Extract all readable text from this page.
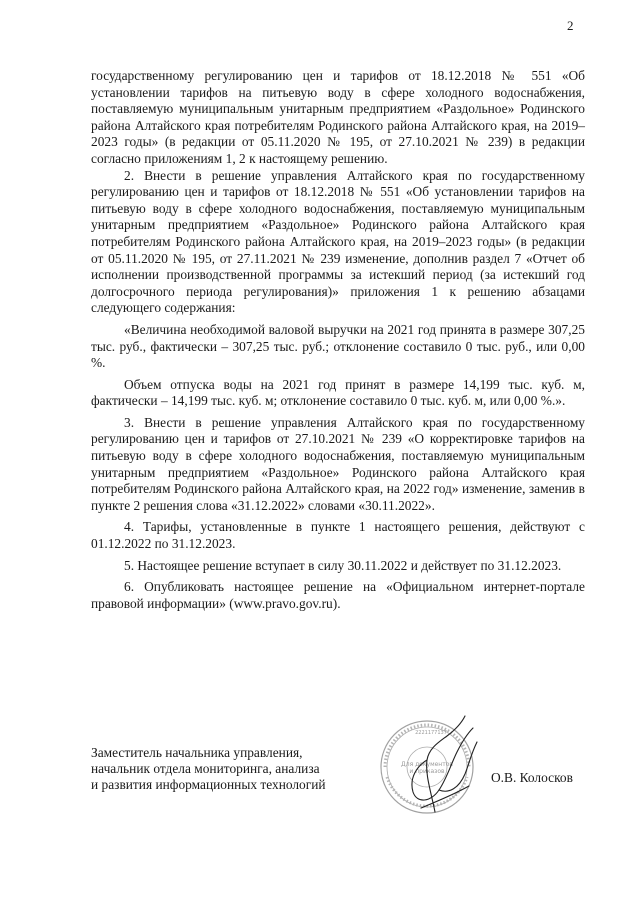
2

государственному регулированию цен и тарифов от 18.12.2018 № 551 «Об установлении тарифов на питьевую воду в сфере холодного водоснабжения, поставляемую муниципальным унитарным предприятием «Раздольное» Родинского района Алтайского края потребителям Родинского района Алтайского края, на 2019–2023 годы» (в редакции от 05.11.2020 № 195, от 27.10.2021 № 239) в редакции согласно приложениям 1, 2 к настоящему решению.

2. Внести в решение управления Алтайского края по государственному регулированию цен и тарифов от 18.12.2018 № 551 «Об установлении тарифов на питьевую воду в сфере холодного водоснабжения, поставляемую муниципальным унитарным предприятием «Раздольное» Родинского района Алтайского края потребителям Родинского района Алтайского края, на 2019–2023 годы» (в редакции от 05.11.2020 № 195, от 27.11.2021 № 239 изменение, дополнив раздел 7 «Отчет об исполнении производственной программы за истекший период (за истекший год долгосрочного периода регулирования)» приложения 1 к решению абзацами следующего содержания:

«Величина необходимой валовой выручки на 2021 год принята в размере 307,25 тыс. руб., фактически – 307,25 тыс. руб.; отклонение составило 0 тыс. руб., или 0,00 %.

Объем отпуска воды на 2021 год принят в размере 14,199 тыс. куб. м, фактически – 14,199 тыс. куб. м; отклонение составило 0 тыс. куб. м, или 0,00 %.».

3. Внести в решение управления Алтайского края по государственному регулированию цен и тарифов от 27.10.2021 № 239 «О корректировке тарифов на питьевую воду в сфере холодного водоснабжения, поставляемую муниципальным унитарным предприятием «Раздольное» Родинского района Алтайского края потребителям Родинского района Алтайского края, на 2022 год» изменение, заменив в пункте 2 решения слова «31.12.2022» словами «30.11.2022».

4. Тарифы, установленные в пункте 1 настоящего решения, действуют с 01.12.2022 по 31.12.2023.

5. Настоящее решение вступает в силу 30.11.2022 и действует по 31.12.2023.

6. Опубликовать настоящее решение на «Официальном интернет-портале правовой информации» (www.pravo.gov.ru).

Заместитель начальника управления,
начальник отдела мониторинга, анализа
и развития информационных технологий
Для документов
и приказов
2221177137
О.В. Колосков
